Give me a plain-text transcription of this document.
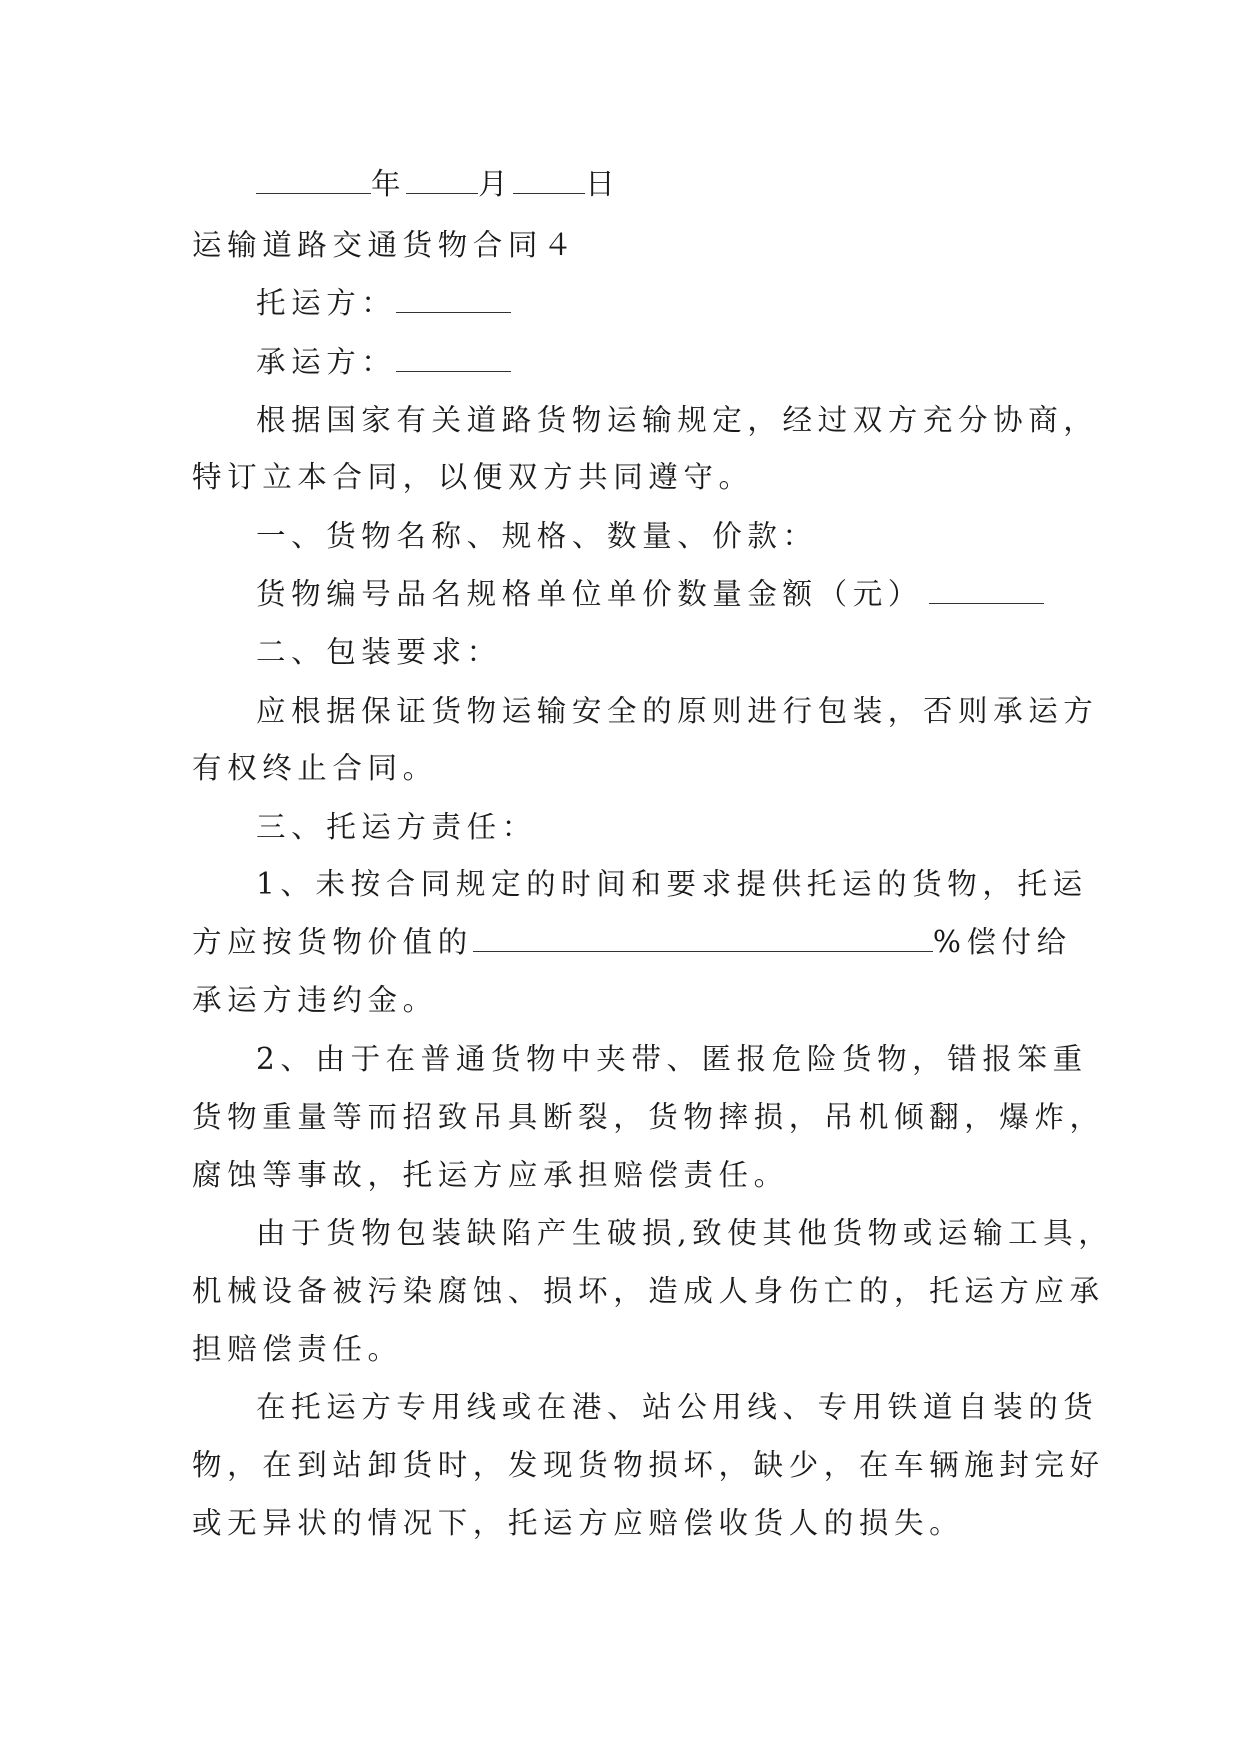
年 月 日
运输道路交通货物合同４
托运方：
承运方：
根据国家有关道路货物运输规定，经过双方充分协商，
特订立本合同，以便双方共同遵守。
一、货物名称、规格、数量、价款：
货物编号品名规格单位单价数量金额（元）
二、包装要求：
应根据保证货物运输安全的原则进行包装，否则承运方
有权终止合同。
三、托运方责任：
1、未按合同规定的时间和要求提供托运的货物，托运
方应按货物价值的	%偿付给
承运方违约金。
2、由于在普通货物中夹带、匿报危险货物，错报笨重
货物重量等而招致吊具断裂，货物摔损，吊机倾翻，爆炸，
腐蚀等事故，托运方应承担赔偿责任。
由于货物包装缺陷产生破损,致使其他货物或运输工具，
机械设备被污染腐蚀、损坏，造成人身伤亡的，托运方应承
担赔偿责任。
在托运方专用线或在港、站公用线、专用铁道自装的货
物，在到站卸货时，发现货物损坏，缺少，在车辆施封完好
或无异状的情况下，托运方应赔偿收货人的损失。
